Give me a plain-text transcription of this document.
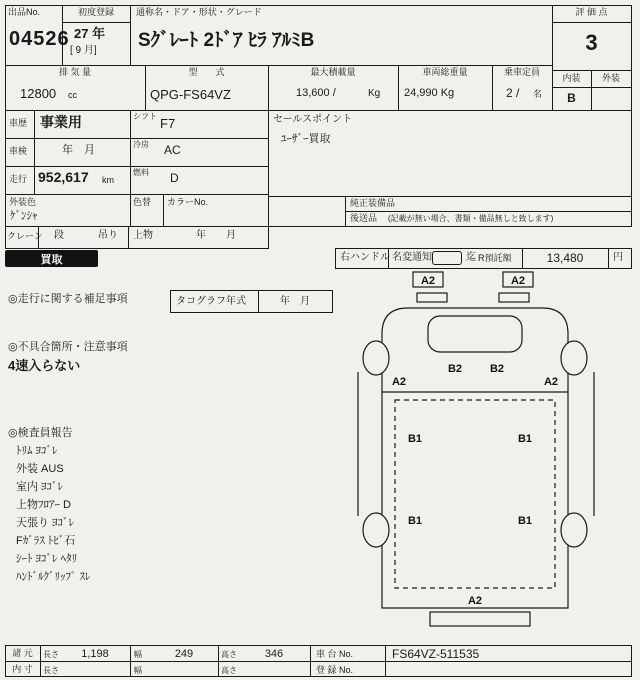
出品No.
04526
初度登録
27 年
[ 9 月]
通称名・ドア・形状・グレード
Sｸﾞﾚｰﾄ 2ﾄﾞｱ ﾋﾗ ｱﾙﾐB
評 価 点
3
内装	外装
B
排 気 量
12800 cc
型　　式
QPG-FS64VZ
最大積載量
13,600 /	Kg
車両総重量
24,990 Kg
乗車定員
2 / 名
車歴 事業用	シフト F7
車検	年　月	冷房 AC
走行 952,617 km
燃料 D
外装色
ｹﾞﾝｼｬ
色替 カラーNo.
セールスポイント
ﾕｰｻﾞｰ買取
純正装備品
後送品 (記載が無い場合、書類・備品無しと致します)
クレーン 段	吊り 上物	年　　月
買取	右ハンドル 名変通知	迄 R預託額	13,480	円
◎走行に関する補足事項	タコグラフ年式	年　月
◎不具合箇所・注意事項
4速入らない
◎検査員報告
ﾄﾘﾑ ﾖｺﾞﾚ
外装 AUS
室内 ﾖｺﾞﾚ
上物ﾌﾛｱｰ D
天張り ﾖｺﾞﾚ
Fｶﾞﾗｽ ﾄﾋﾞ石
ｼｰﾄ ﾖｺﾞﾚ ﾍﾀﾘ
ﾊﾝﾄﾞﾙｸﾞﾘｯﾌﾟ ｽﾚ
A2	A2
B2	B2
A2	A2
B1	B1
B1	B1
A2
諸 元	長さ	1,198	幅	249	高さ	346	車 台 No.	FS64VZ-511535
内 寸	長さ	幅	高さ	登 録 No.
